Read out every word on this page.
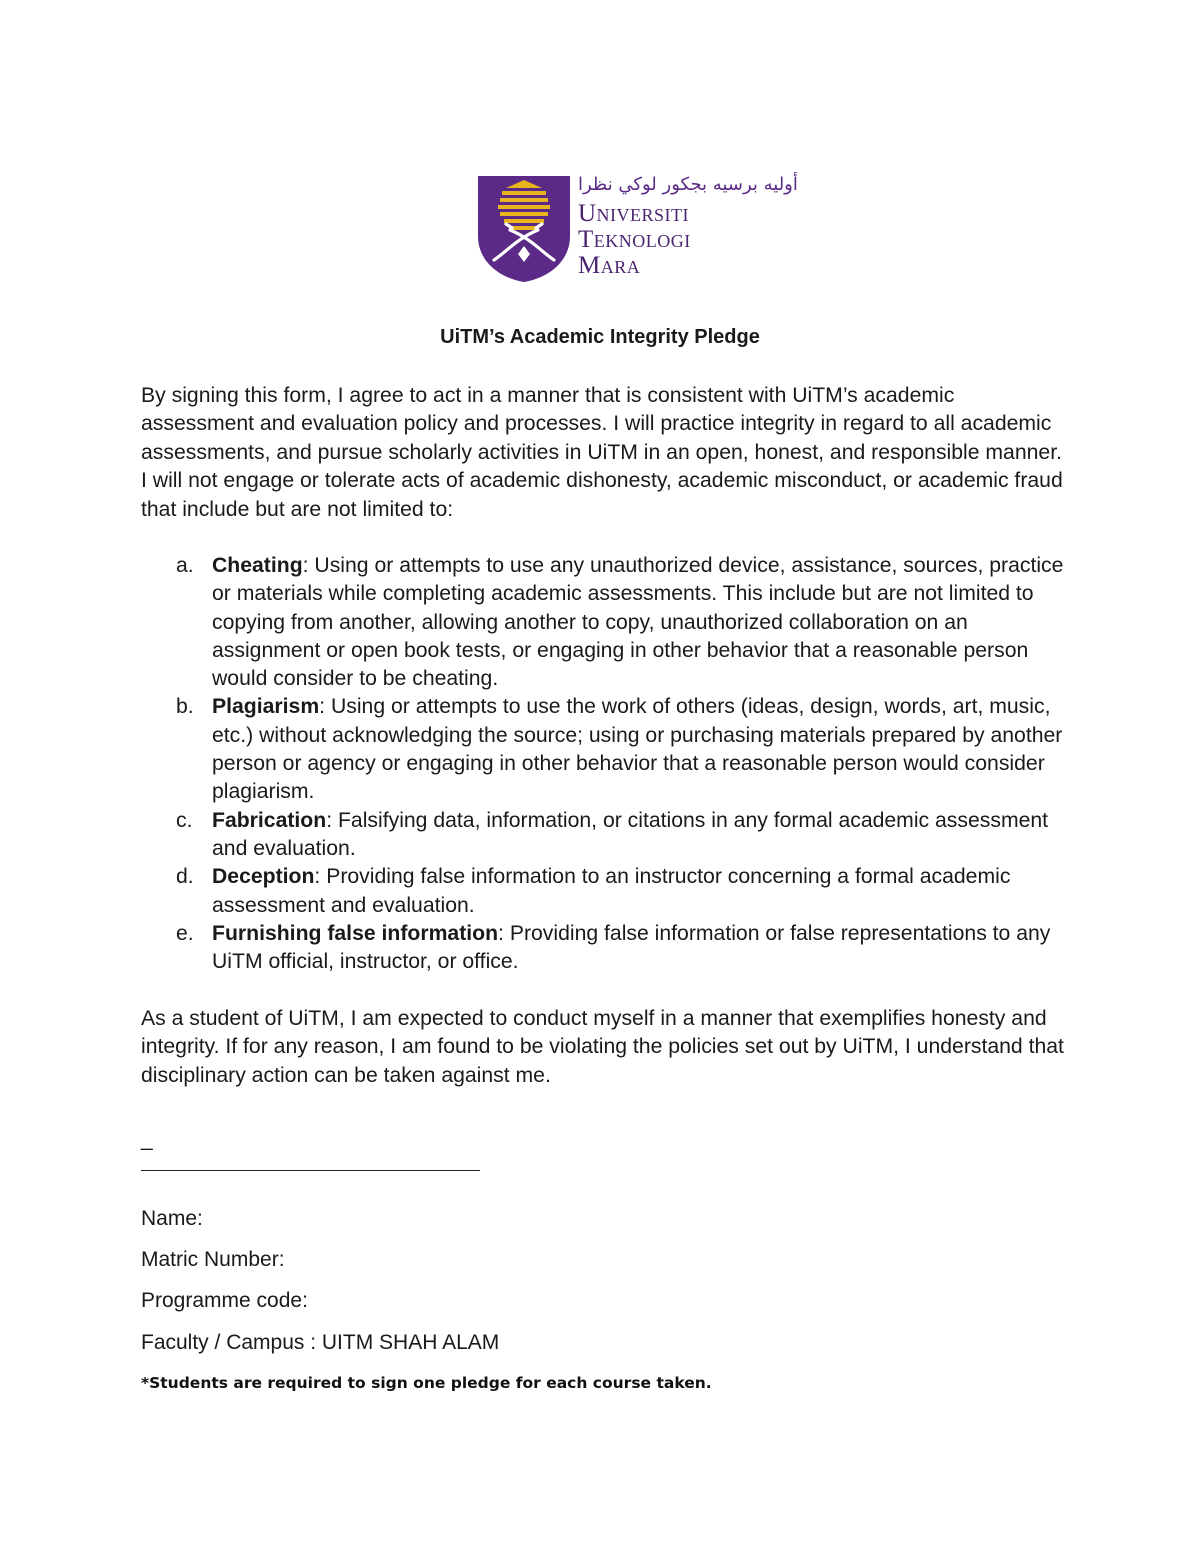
أوليه برسيه بجكور لوكي نظرا
Universiti
Teknologi
Mara
UiTM’s Academic Integrity Pledge
By signing this form, I agree to act in a manner that is consistent with UiTM’s academic assessment and evaluation policy and processes. I will practice integrity in regard to all academic assessments, and pursue scholarly activities in UiTM in an open, honest, and responsible manner. I will not engage or tolerate acts of academic dishonesty, academic misconduct, or academic fraud that include but are not limited to:
a. Cheating: Using or attempts to use any unauthorized device, assistance, sources, practice or materials while completing academic assessments. This include but are not limited to copying from another, allowing another to copy, unauthorized collaboration on an assignment or open book tests, or engaging in other behavior that a reasonable person would consider to be cheating.
b. Plagiarism: Using or attempts to use the work of others (ideas, design, words, art, music, etc.) without acknowledging the source; using or purchasing materials prepared by another person or agency or engaging in other behavior that a reasonable person would consider plagiarism.
c. Fabrication: Falsifying data, information, or citations in any formal academic assessment and evaluation.
d. Deception: Providing false information to an instructor concerning a formal academic assessment and evaluation.
e. Furnishing false information: Providing false information or false representations to any UiTM official, instructor, or office.
As a student of UiTM, I am expected to conduct myself in a manner that exemplifies honesty and integrity. If for any reason, I am found to be violating the policies set out by UiTM, I understand that disciplinary action can be taken against me.
_
Name:
Matric Number:
Programme code:
Faculty / Campus : UITM SHAH ALAM
*Students are required to sign one pledge for each course taken.
